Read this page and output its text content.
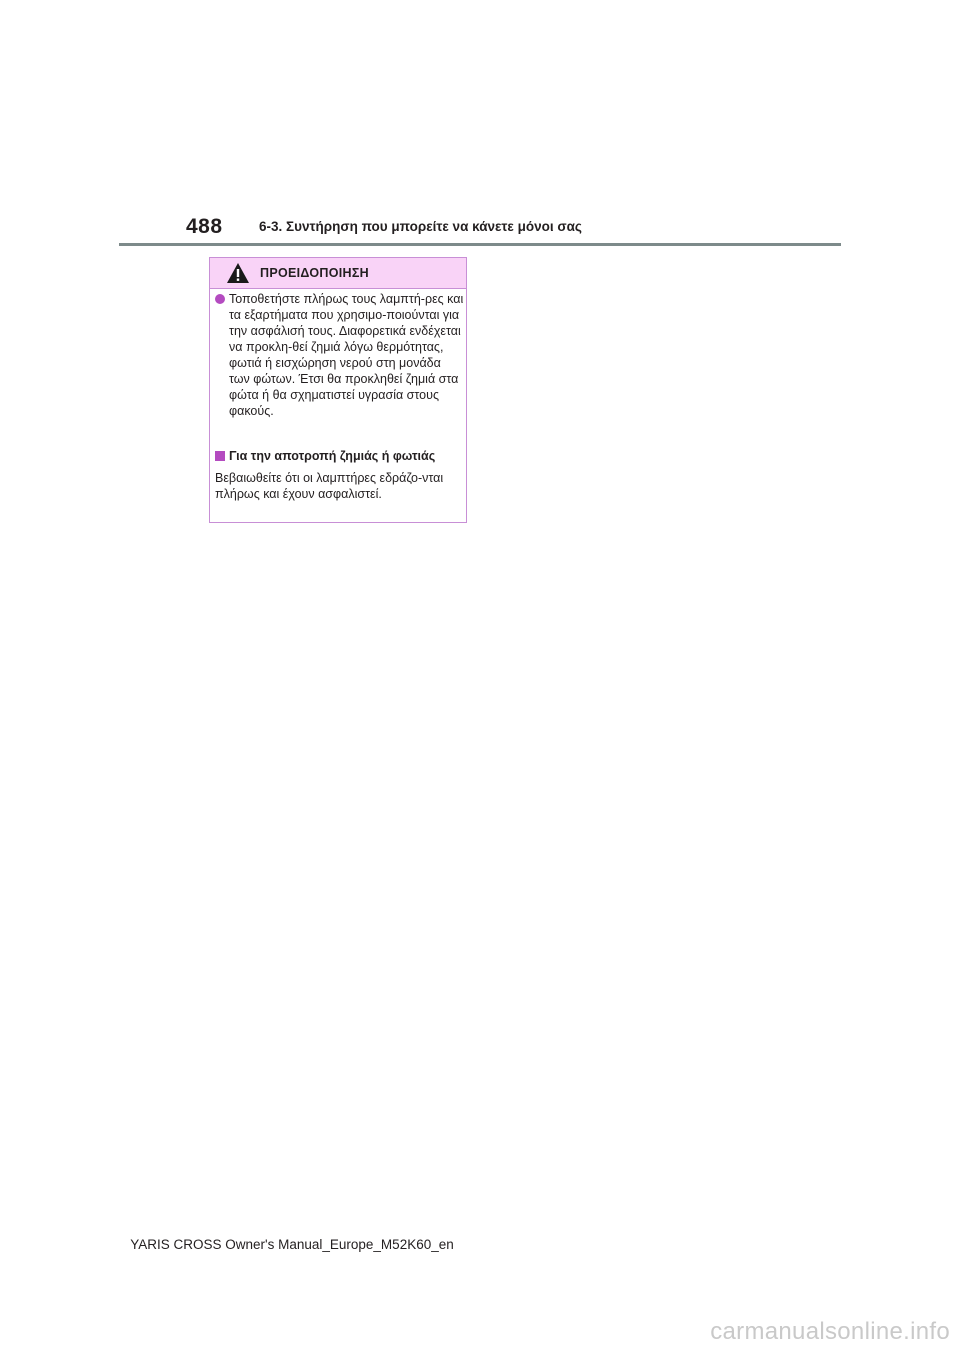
488	6-3. Συντήρηση που μπορείτε να κάνετε μόνοι σας
ΠΡΟΕΙΔΟΠΟΙΗΣΗ

Τοποθετήστε πλήρως τους λαμπτή-ρες και τα εξαρτήματα που χρησιμο-ποιούνται για την ασφάλισή τους. Διαφορετικά ενδέχεται να προκλη-θεί ζημιά λόγω θερμότητας, φωτιά ή εισχώρηση νερού στη μονάδα των φώτων. Έτσι θα προκληθεί ζημιά στα φώτα ή θα σχηματιστεί υγρασία στους φακούς.

Για την αποτροπή ζημιάς ή φωτιάς

Βεβαιωθείτε ότι οι λαμπτήρες εδράζο-νται πλήρως και έχουν ασφαλιστεί.

YARIS CROSS Owner's Manual_Europe_M52K60_en
carmanualsonline.info
